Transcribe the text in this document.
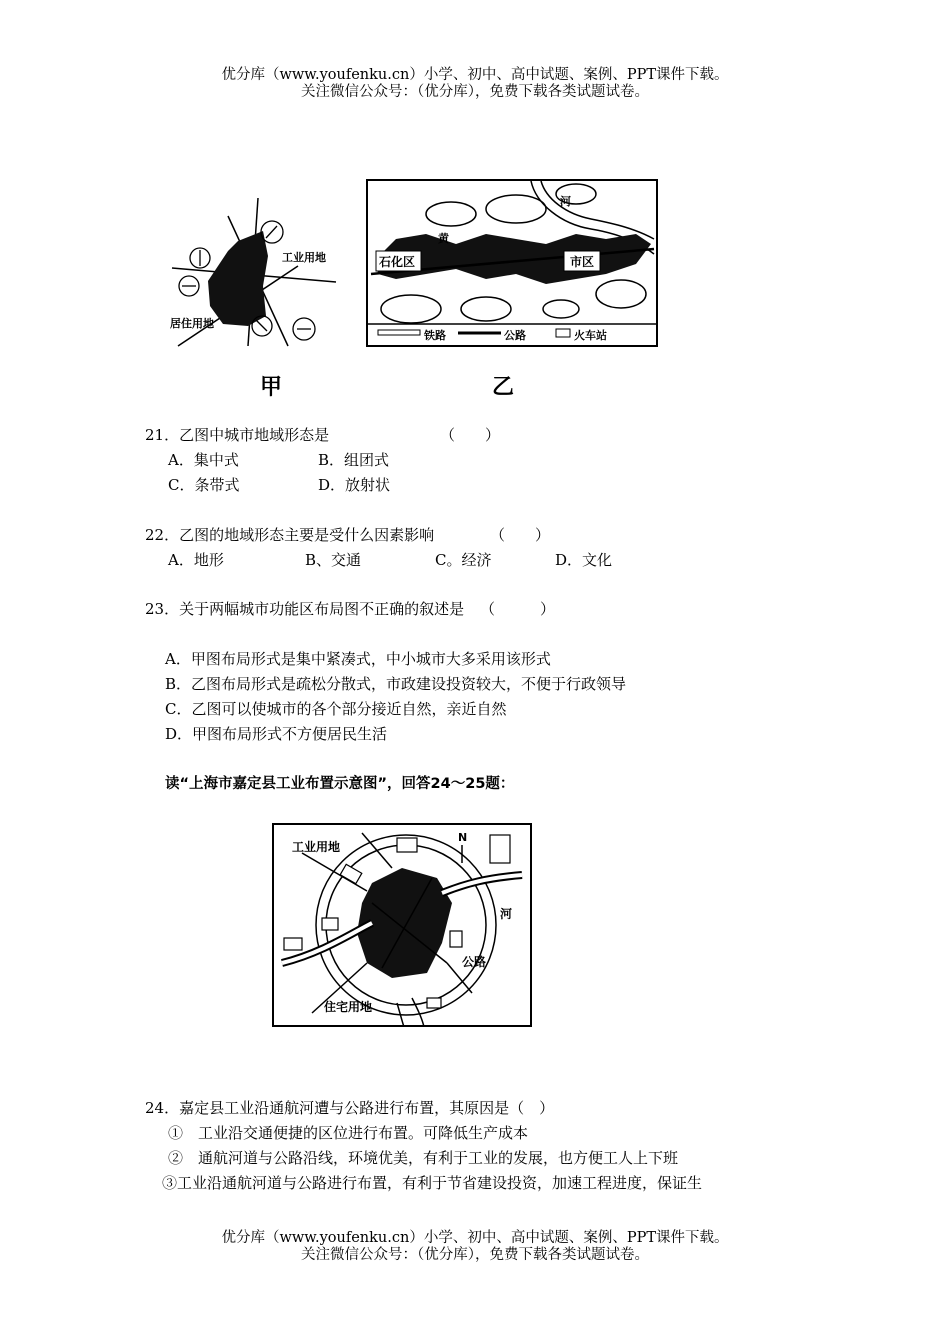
优分库（www.youfenku.cn）小学、初中、高中试题、案例、PPT课件下载。
关注微信公众号：（优分库），免费下载各类试题试卷。
工业用地
居住用地
甲
石化区	市区
黄
河
铁路	公路	火车站
乙
21．乙图中城市地域形态是	（　　）
A．集中式	B．组团式
C．条带式	D．放射状
22．乙图的地域形态主要是受什么因素影响	（　　）
A．地形	B、交通	C。经济	D．文化
23．关于两幅城市功能区布局图不正确的叙述是 （　　　）
A．甲图布局形式是集中紧凑式，中小城市大多采用该形式
B．乙图布局形式是疏松分散式，市政建设投资较大，不便于行政领导
C．乙图可以使城市的各个部分接近自然，亲近自然
D．甲图布局形式不方便居民生活
读“上海市嘉定县工业布置示意图”，回答24～25题：
工业用地
N
河
公路
住宅用地
24．嘉定县工业沿通航河遭与公路进行布置，其原因是（　）
①　工业沿交通便捷的区位进行布置。可降低生产成本
②　通航河道与公路沿线，环境优美，有利于工业的发展，也方便工人上下班
③工业沿通航河道与公路进行布置，有利于节省建设投资，加速工程进度，保证生
优分库（www.youfenku.cn）小学、初中、高中试题、案例、PPT课件下载。
关注微信公众号：（优分库），免费下载各类试题试卷。
